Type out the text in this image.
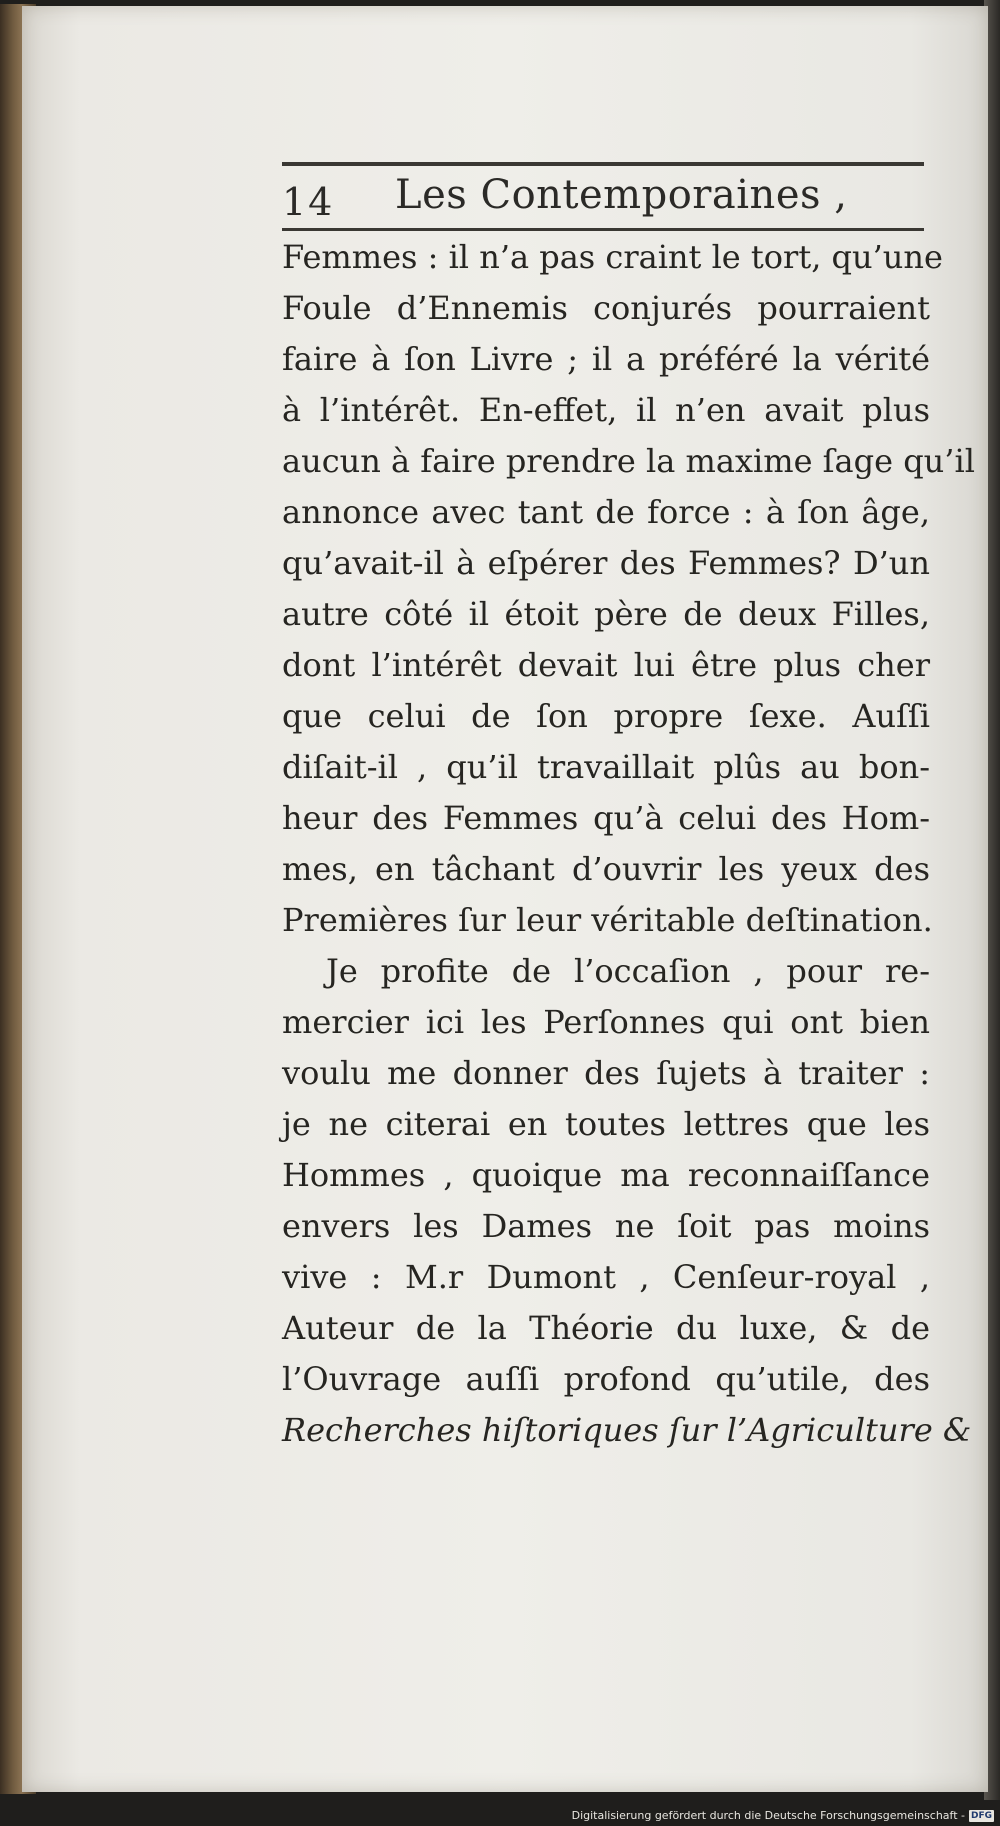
14 Les Contemporaines ,
Femmes : il n’a pas craint le tort, qu’une
Foule d’Ennemis conjurés pourraient
faire à ſon Livre ; il a préféré la vérité
à l’intérêt. En-effet, il n’en avait plus
aucun à faire prendre la maxime ſage qu’il
annonce avec tant de force : à ſon âge,
qu’avait-il à eſpérer des Femmes? D’un
autre côté il étoit père de deux Filles,
dont l’intérêt devait lui être plus cher
que celui de ſon propre ſexe. Auſſi
diſait-il , qu’il travaillait plûs au bon-
heur des Femmes qu’à celui des Hom-
mes, en tâchant d’ouvrir les yeux des
Premières ſur leur véritable deſtination.
Je profite de l’occaſion , pour re-
mercier ici les Perſonnes qui ont bien
voulu me donner des ſujets à traiter :
je ne citerai en toutes lettres que les
Hommes , quoique ma reconnaiſſance
envers les Dames ne ſoit pas moins
vive : M.r Dumont , Cenſeur-royal ,
Auteur de la Théorie du luxe, & de
l’Ouvrage auſſi profond qu’utile, des
Recherches hiſtoriques ſur l’Agriculture &
Digitalisierung gefördert durch die Deutsche Forschungsgemeinschaft - DFG
